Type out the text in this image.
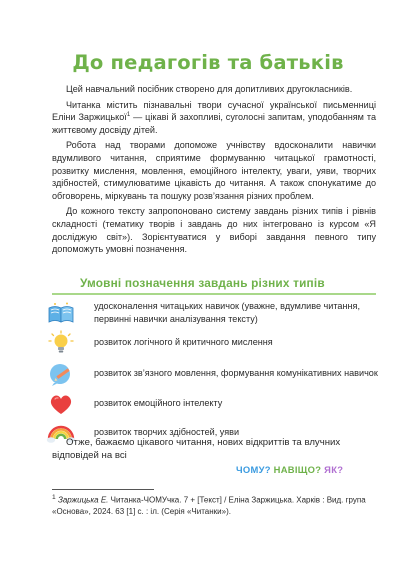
До педагогів та батьків

Цей навчальний посібник створено для допитливих другокласників.

Читанка містить пізнавальні твори сучасної української письменниці Еліни Заржицької$^1$ — цікаві й захопливі, суголосні запитам, уподобанням та життєвому досвіду дітей.

Робота над творами допоможе учнівству вдосконалити навички вдумливого читання, сприятиме формуванню читацької грамотності, розвитку мислення, мовлення, емоційного інтелекту, уваги, уяви, творчих здібностей, стимулюватиме цікавість до читання. А також спонукатиме до обговорень, міркувань та пошуку розв’язання різних проблем.

До кожного тексту запропоновано систему завдань різних типів і рівнів складності (тематику творів і завдань до них інтегровано із курсом «Я досліджую світ»). Зорієнтуватися у виборі завдання певного типу допоможуть умовні позначення.

Умовні позначення завдань різних типів
удосконалення читацьких навичок (уважне, вдумливе читання, первинні навички аналізування тексту)
розвиток логічного й критичного мислення
розвиток зв’язного мовлення, формування комунікативних навичок
розвиток емоційного інтелекту
розвиток творчих здібностей, уяви

Отже, бажаємо цікавого читання, нових відкриттів та влучних відповідей на всі

ЧОМУ? НАВІЩО? ЯК?

$^1$ Заржицька Е. Читанка-ЧОМУчка. 7 + [Текст] / Еліна Заржицька. Харків : Вид. група «Основа», 2024. 63 [1] с. : іл. (Серія «Читанки»).
